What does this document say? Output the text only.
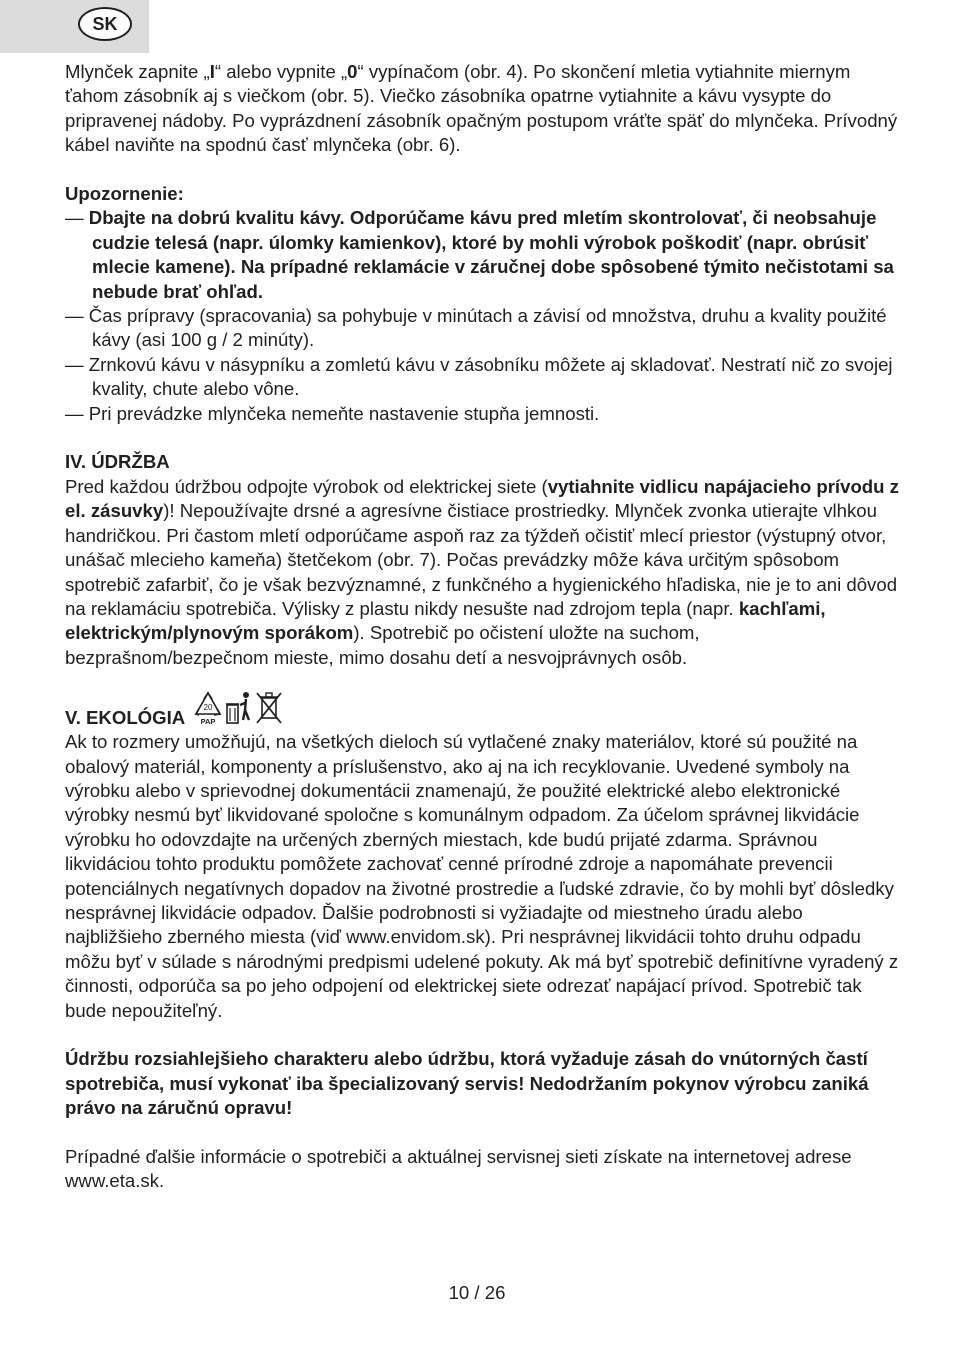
SK

Mlynček zapnite „I“ alebo vypnite „0“ vypínačom (obr. 4). Po skončení mletia vytiahnite miernym ťahom zásobník aj s viečkom (obr. 5). Viečko zásobníka opatrne vytiahnite a kávu vysypte do pripravenej nádoby. Po vyprázdnení zásobník opačným postupom vráťte späť do mlynčeka. Prívodný kábel naviňte na spodnú časť mlynčeka (obr. 6).

Upozornenie:

— Dbajte na dobrú kvalitu kávy. Odporúčame kávu pred mletím skontrolovať, či neobsahuje cudzie telesá (napr. úlomky kamienkov), ktoré by mohli výrobok poškodiť (napr. obrúsiť mlecie kamene). Na prípadné reklamácie v záručnej dobe spôsobené týmito nečistotami sa nebude brať ohľad.
— Čas prípravy (spracovania) sa pohybuje v minútach a závisí od množstva, druhu a kvality použité kávy (asi 100 g / 2 minúty).
— Zrnkovú kávu v násypníku a zomletú kávu v zásobníku môžete aj skladovať. Nestratí nič zo svojej kvality, chute alebo vône.
— Pri prevádzke mlynčeka nemeňte nastavenie stupňa jemnosti.

IV. ÚDRŽBA

Pred každou údržbou odpojte výrobok od elektrickej siete (vytiahnite vidlicu napájacieho prívodu z el. zásuvky)! Nepoužívajte drsné a agresívne čistiace prostriedky. Mlynček zvonka utierajte vlhkou handričkou. Pri častom mletí odporúčame aspoň raz za týždeň očistiť mlecí priestor (výstupný otvor, unášač mlecieho kameňa) štetčekom (obr. 7). Počas prevádzky môže káva určitým spôsobom spotrebič zafarbiť, čo je však bezvýznamné, z funkčného a hygienického hľadiska, nie je to ani dôvod na reklamáciu spotrebiča. Výlisky z plastu nikdy nesušte nad zdrojom tepla (napr. kachľami, elektrickým/plynovým sporákom). Spotrebič po očistení uložte na suchom, bezprašnom/bezpečnom mieste, mimo dosahu detí a nesvojprávnych osôb.

V. EKOLÓGIA 20
PAP

Ak to rozmery umožňujú, na všetkých dieloch sú vytlačené znaky materiálov, ktoré sú použité na obalový materiál, komponenty a príslušenstvo, ako aj na ich recyklovanie. Uvedené symboly na výrobku alebo v sprievodnej dokumentácii znamenajú, že použité elektrické alebo elektronické výrobky nesmú byť likvidované spoločne s komunálnym odpadom. Za účelom správnej likvidácie výrobku ho odovzdajte na určených zberných miestach, kde budú prijaté zdarma. Správnou likvidáciou tohto produktu pomôžete zachovať cenné prírodné zdroje a napomáhate prevencii potenciálnych negatívnych dopadov na životné prostredie a ľudské zdravie, čo by mohli byť dôsledky nesprávnej likvidácie odpadov. Ďalšie podrobnosti si vyžiadajte od miestneho úradu alebo najbližšieho zberného miesta (viď www.envidom.sk). Pri nesprávnej likvidácii tohto druhu odpadu môžu byť v súlade s národnými predpismi udelené pokuty. Ak má byť spotrebič definitívne vyradený z činnosti, odporúča sa po jeho odpojení od elektrickej siete odrezať napájací prívod. Spotrebič tak bude nepoužiteľný.

Údržbu rozsiahlejšieho charakteru alebo údržbu, ktorá vyžaduje zásah do vnútorných častí spotrebiča, musí vykonať iba špecializovaný servis! Nedodržaním pokynov výrobcu zaniká právo na záručnú opravu!

Prípadné ďalšie informácie o spotrebiči a aktuálnej servisnej sieti získate na internetovej adrese www.eta.sk.

10 / 26
